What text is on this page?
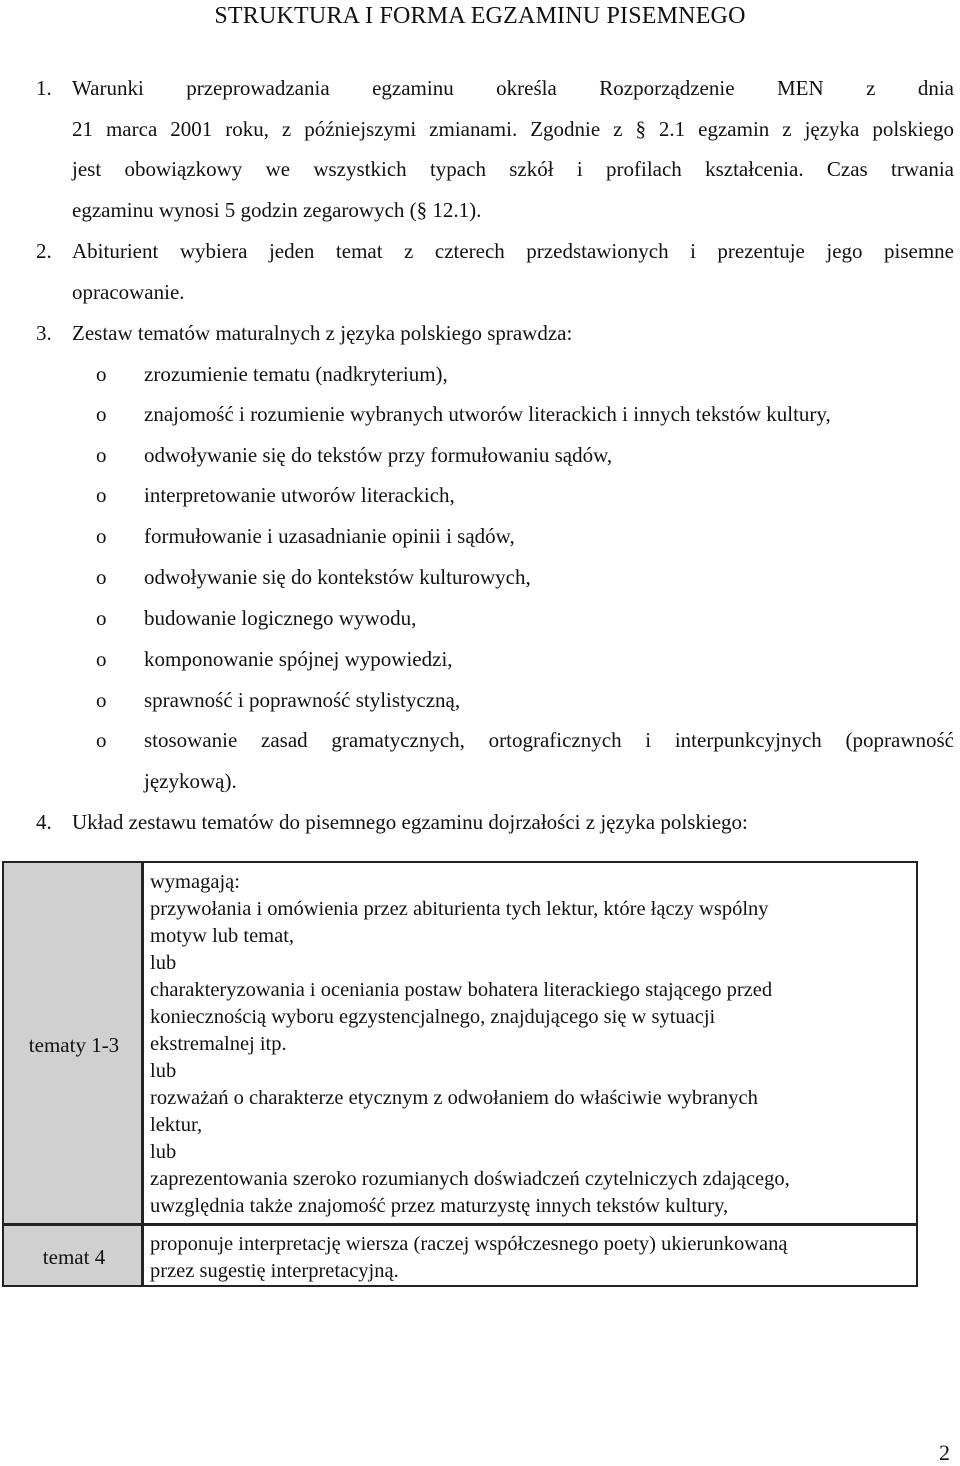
STRUKTURA I FORMA EGZAMINU PISEMNEGO
1. Warunki przeprowadzania egzaminu określa Rozporządzenie MEN z dnia
21 marca 2001 roku, z późniejszymi zmianami. Zgodnie z § 2.1 egzamin z języka polskiego
jest obowiązkowy we wszystkich typach szkół i profilach kształcenia. Czas trwania
egzaminu wynosi 5 godzin zegarowych (§ 12.1).
2. Abiturient wybiera jeden temat z czterech przedstawionych i prezentuje jego pisemne
opracowanie.
3. Zestaw tematów maturalnych z języka polskiego sprawdza:
o zrozumienie tematu (nadkryterium),
o znajomość i rozumienie wybranych utworów literackich i innych tekstów kultury,
o odwoływanie się do tekstów przy formułowaniu sądów,
o interpretowanie utworów literackich,
o formułowanie i uzasadnianie opinii i sądów,
o odwoływanie się do kontekstów kulturowych,
o budowanie logicznego wywodu,
o komponowanie spójnej wypowiedzi,
o sprawność i poprawność stylistyczną,
o stosowanie zasad gramatycznych, ortograficznych i interpunkcyjnych (poprawność
językową).
4. Układ zestawu tematów do pisemnego egzaminu dojrzałości z języka polskiego:
tematy 1-3
temat 4
wymagają:
przywołania i omówienia przez abiturienta tych lektur, które łączy wspólny
motyw lub temat,
lub
charakteryzowania i oceniania postaw bohatera literackiego stającego przed
koniecznością wyboru egzystencjalnego, znajdującego się w sytuacji
ekstremalnej itp.
lub
rozważań o charakterze etycznym z odwołaniem do właściwie wybranych
lektur,
lub
zaprezentowania szeroko rozumianych doświadczeń czytelniczych zdającego,
uwzględnia także znajomość przez maturzystę innych tekstów kultury,
proponuje interpretację wiersza (raczej współczesnego poety) ukierunkowaną
przez sugestię interpretacyjną.
2
